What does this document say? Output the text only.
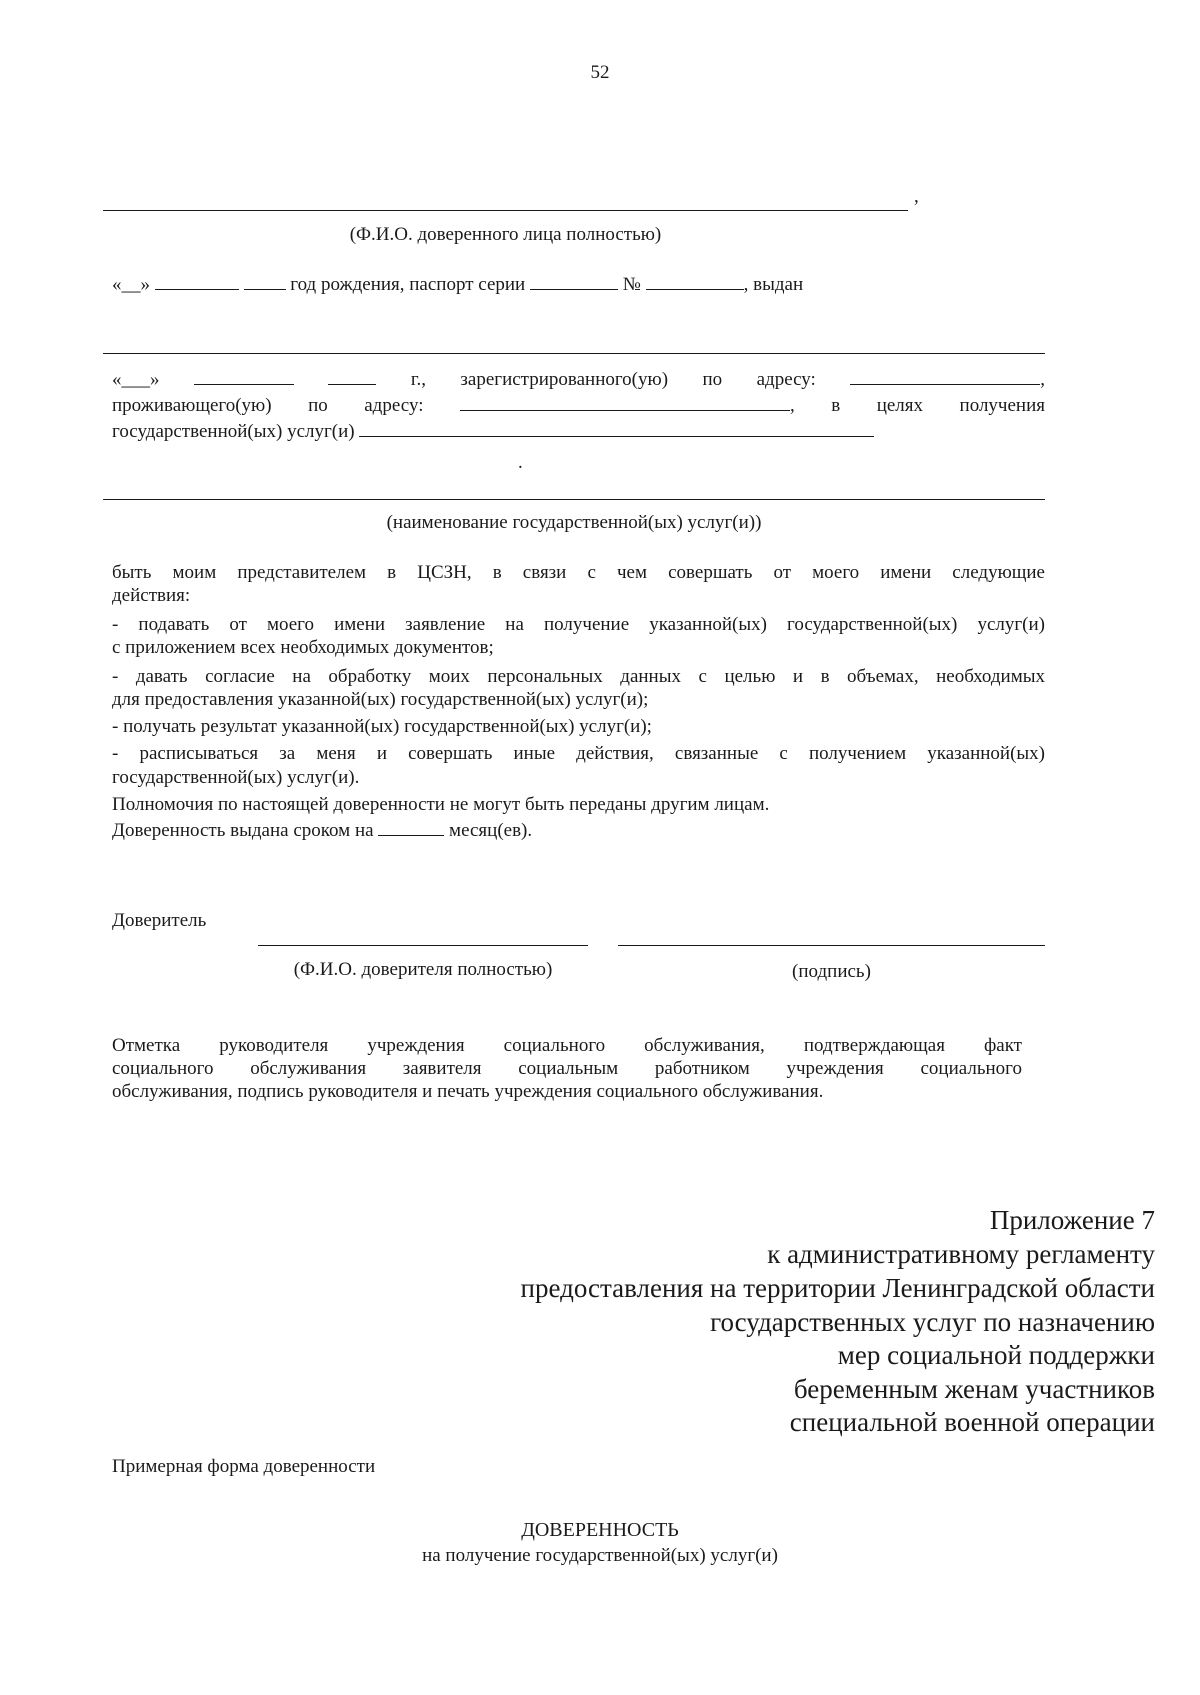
52
,
(Ф.И.О. доверенного лица полностью)
«__»	год рождения, паспорт серии	№	, выдан
«___»	г., зарегистрированного(ую) по адресу:	,
проживающего(ую) по адресу:	, в целях получения
государственной(ых) услуг(и)
.
(наименование государственной(ых) услуг(и))
быть моим представителем в ЦСЗН, в связи с чем совершать от моего имени следующие
действия:
- подавать от моего имени заявление на получение указанной(ых) государственной(ых) услуг(и)
с приложением всех необходимых документов;
- давать согласие на обработку моих персональных данных с целью и в объемах, необходимых
для предоставления указанной(ых) государственной(ых) услуг(и);
- получать результат указанной(ых) государственной(ых) услуг(и);
- расписываться за меня и совершать иные действия, связанные с получением указанной(ых)
государственной(ых) услуг(и).
Полномочия по настоящей доверенности не могут быть переданы другим лицам.
Доверенность выдана сроком на	месяц(ев).
Доверитель
(Ф.И.О. доверителя полностью)	(подпись)
Отметка руководителя учреждения социального обслуживания, подтверждающая факт
социального обслуживания заявителя социальным работником учреждения социального
обслуживания, подпись руководителя и печать учреждения социального обслуживания.
Приложение 7
к административному регламенту
предоставления на территории Ленинградской области
государственных услуг по назначению
мер социальной поддержки
беременным женам участников
специальной военной операции
Примерная форма доверенности
ДОВЕРЕННОСТЬ
на получение государственной(ых) услуг(и)
